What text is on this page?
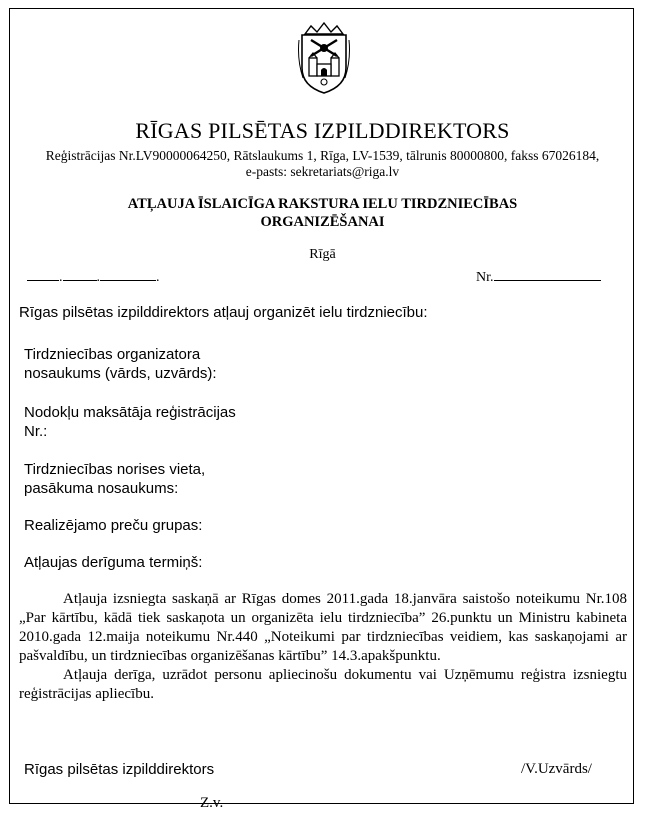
RĪGAS PILSĒTAS IZPILDDIREKTORS
Reģistrācijas Nr.LV90000064250, Rātslaukums 1, Rīga, LV-1539, tālrunis 80000800, fakss 67026184,
e-pasts: sekretariats@riga.lv
ATĻAUJA ĪSLAICĪGA RAKSTURA IELU TIRDZNIECĪBAS
ORGANIZĒŠANAI
Rīgā
. .	.	Nr.
Rīgas pilsētas izpilddirektors atļauj organizēt ielu tirdzniecību:
Tirdzniecības organizatora
nosaukums (vārds, uzvārds):
Nodokļu maksātāja reģistrācijas
Nr.:
Tirdzniecības norises vieta,
pasākuma nosaukums:
Realizējamo preču grupas:
Atļaujas derīguma termiņš:

Atļauja izsniegta saskaņā ar Rīgas domes 2011.gada 18.janvāra saistošo noteikumu Nr.108 „Par kārtību, kādā tiek saskaņota un organizēta ielu tirdzniecība” 26.punktu un Ministru kabineta 2010.gada 12.maija noteikumu Nr.440 „Noteikumi par tirdzniecības veidiem, kas saskaņojami ar pašvaldību, un tirdzniecības organizēšanas kārtību” 14.3.apakšpunktu.

Atļauja derīga, uzrādot personu apliecinošu dokumentu vai Uzņēmumu reģistra izsniegtu reģistrācijas apliecību.

Rīgas pilsētas izpilddirektors	/V.Uzvārds/
Z.v.
